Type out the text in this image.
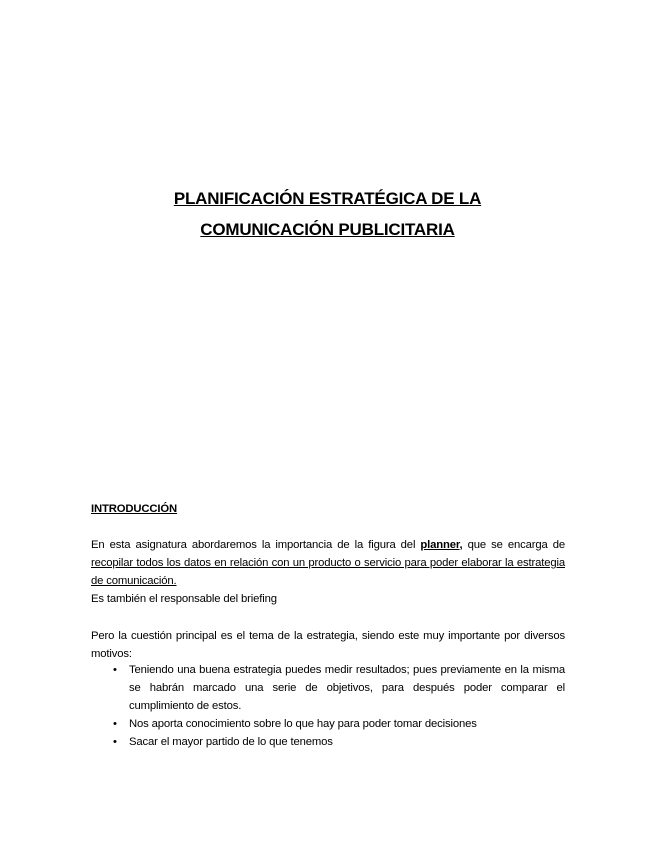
PLANIFICACIÓN ESTRATÉGICA DE LA
COMUNICACIÓN PUBLICITARIA
INTRODUCCIÓN
En esta asignatura abordaremos la importancia de la figura del planner, que se encarga de recopilar todos los datos en relación con un producto o servicio para poder elaborar la estrategia de comunicación.
Es también el responsable del briefing
Pero la cuestión principal es el tema de la estrategia, siendo este muy importante por diversos motivos:
• Teniendo una buena estrategia puedes medir resultados; pues previamente en la misma se habrán marcado una serie de objetivos, para después poder comparar el cumplimiento de estos.
• Nos aporta conocimiento sobre lo que hay para poder tomar decisiones
• Sacar el mayor partido de lo que tenemos
